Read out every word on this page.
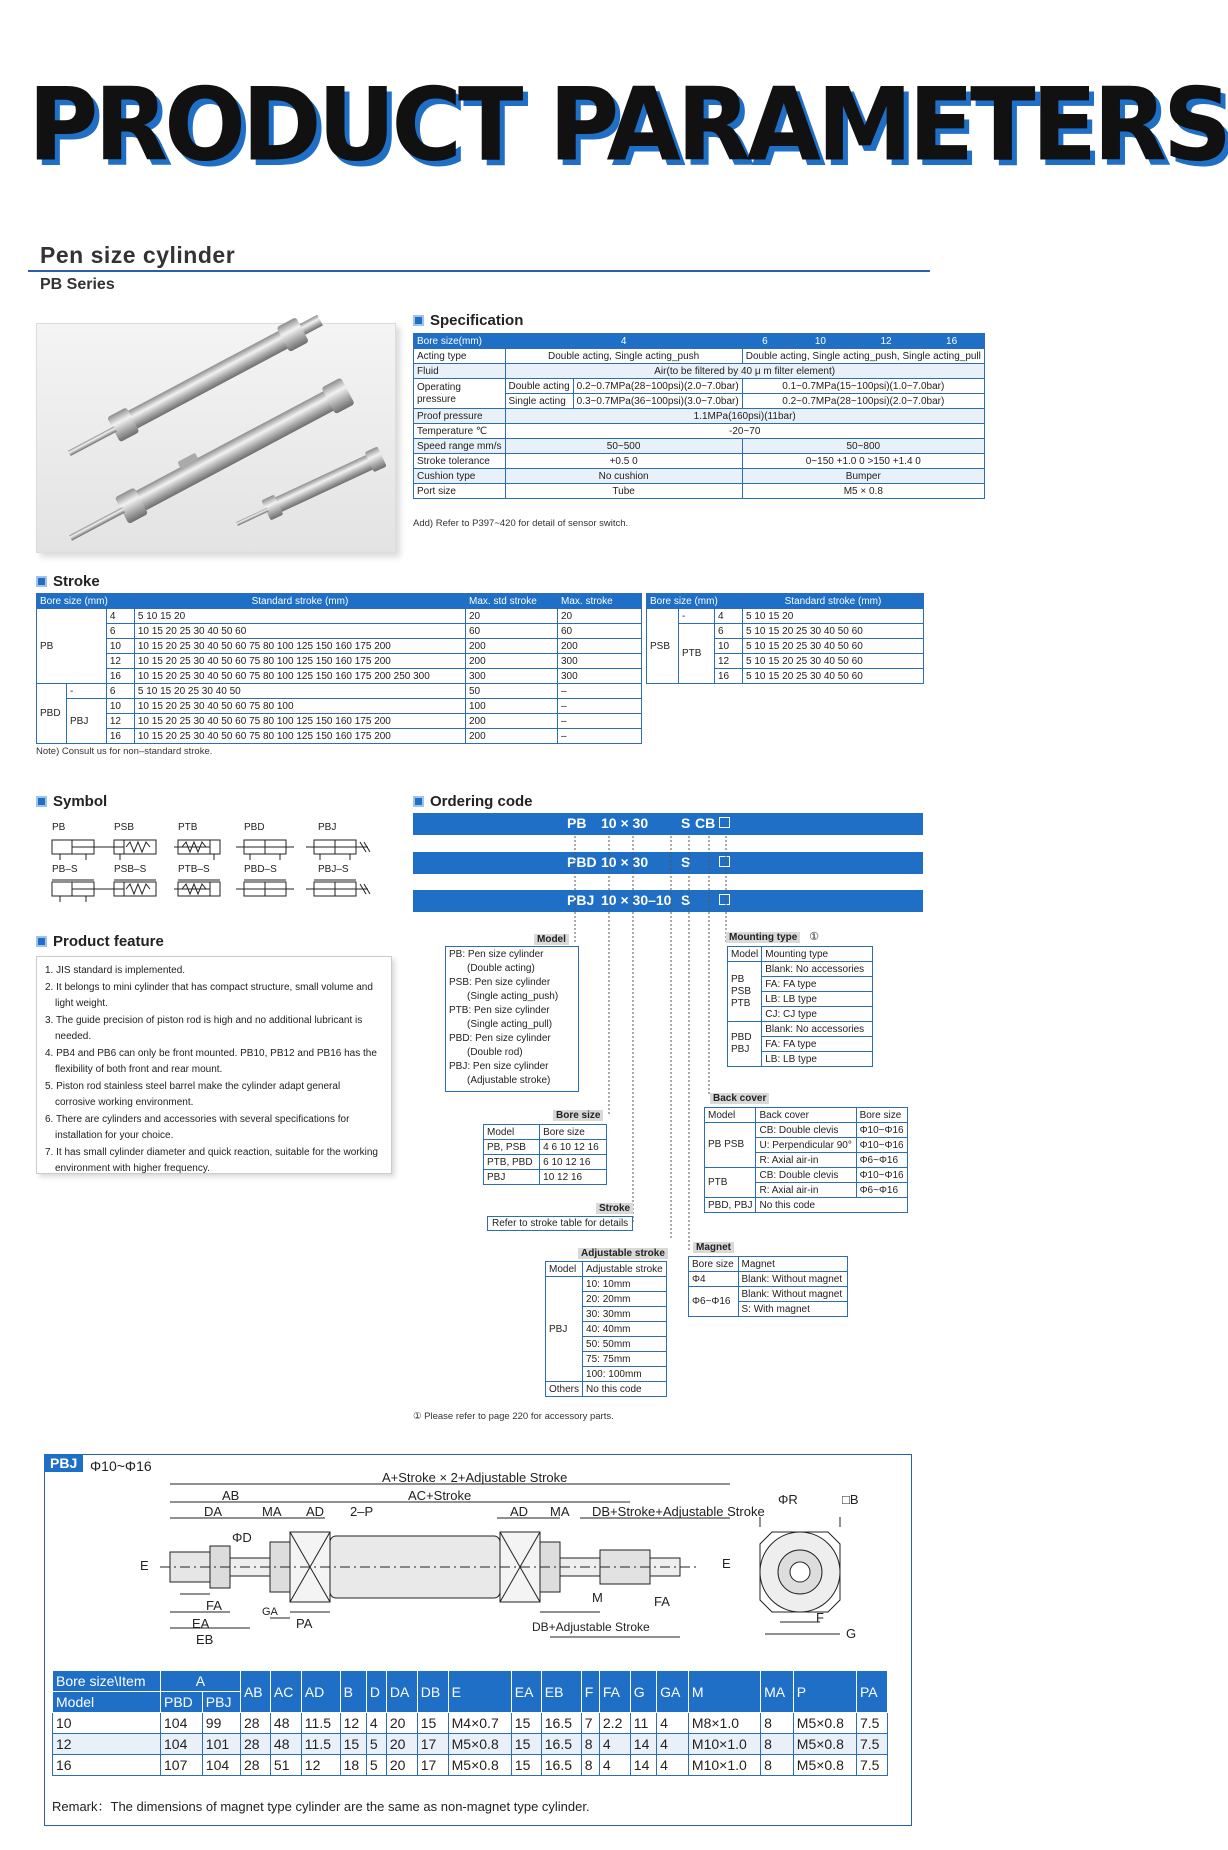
PRODUCT PARAMETERS
Pen size cylinder
PB Series
Specification
Bore size(mm)	4		6	10	12	16
Acting type	Double acting, Single acting_push		Double acting, Single acting_push, Single acting_pull			
Fluid	Air(to be filtered by 40 μ m filter element)					
Operating pressure	Double acting	0.2~0.7MPa(28~100psi)(2.0~7.0bar)	0.1~0.7MPa(15~100psi)(1.0~7.0bar)			
	Single acting	0.3~0.7MPa(36~100psi)(3.0~7.0bar)	0.2~0.7MPa(28~100psi)(2.0~7.0bar)			
Proof pressure	1.1MPa(160psi)(11bar)					
Temperature ℃	-20~70					
Speed range mm/s	50~500		50~800			
Stroke tolerance	+0.5 0		0~150 +1.0 0 >150 +1.4 0			
Cushion type	No cushion		Bumper			
Port size	Tube		M5 × 0.8			
Add) Refer to P397~420 for detail of sensor switch.
Stroke
Bore size (mm)			Standard stroke (mm)	Max. std stroke	Max. stroke
PB		4	5 10 15 20	20	20
		6	10 15 20 25 30 40 50 60	60	60
		10	10 15 20 25 30 40 50 60 75 80 100 125 150 160 175 200	200	200
		12	10 15 20 25 30 40 50 60 75 80 100 125 150 160 175 200	200	300
		16	10 15 20 25 30 40 50 60 75 80 100 125 150 160 175 200 250 300	300	300
PBD	-	6	5 10 15 20 25 30 40 50	50	–
	PBJ	10	10 15 20 25 30 40 50 60 75 80 100	100	–
		12	10 15 20 25 30 40 50 60 75 80 100 125 150 160 175 200	200	–
		16	10 15 20 25 30 40 50 60 75 80 100 125 150 160 175 200	200	–
Bore size (mm)			Standard stroke (mm)
PSB	-	4	5 10 15 20
	PTB	6	5 10 15 20 25 30 40 50 60
		10	5 10 15 20 25 30 40 50 60
		12	5 10 15 20 25 30 40 50 60
		16	5 10 15 20 25 30 40 50 60
Note) Consult us for non–standard stroke.
Symbol
PB	PSB	PTB	PBD	PBJ
PB–S	PSB–S	PTB–S	PBD–S	PBJ–S
Product feature
1. JIS standard is implemented.
2. It belongs to mini cylinder that has compact structure, small volume and
light weight.
3. The guide precision of piston rod is high and no additional lubricant is
needed.
4. PB4 and PB6 can only be front mounted. PB10, PB12 and PB16 has the
flexibility of both front and rear mount.
5. Piston rod stainless steel barrel make the cylinder adapt general
corrosive working environment.
6. There are cylinders and accessories with several specifications for
installation for your choice.
7. It has small cylinder diameter and quick reaction, suitable for the working
environment with higher frequency.
Ordering code
PB 10 × 30 S CB
PBD 10 × 30 S
PBJ 10 × 30–10 S
Model
PB: Pen size cylinder
(Double acting)
PSB: Pen size cylinder
(Single acting_push)
PTB: Pen size cylinder
(Single acting_pull)
PBD: Pen size cylinder
(Double rod)
PBJ: Pen size cylinder
(Adjustable stroke)
Bore size
Model	Bore size
PB, PSB	4 6 10 12 16
PTB, PBD	6 10 12 16
PBJ	10 12 16
Stroke
Refer to stroke table for details
Adjustable stroke
Model	Adjustable stroke
PBJ	10: 10mm
	20: 20mm
	30: 30mm
	40: 40mm
	50: 50mm
	75: 75mm
	100: 100mm
Others	No this code
Magnet
Bore size	Magnet
Φ4	Blank: Without magnet
Φ6~Φ16	Blank: Without magnet
	S: With magnet
Mounting type ①
Model	Mounting type
PB PSB PTB	Blank: No accessories
	FA: FA type
	LB: LB type
	CJ: CJ type
PBD PBJ	Blank: No accessories
	FA: FA type
	LB: LB type
Back cover
Model	Back cover	Bore size
PB PSB	CB: Double clevis	Φ10~Φ16
	U: Perpendicular 90°	Φ10~Φ16
	R: Axial air-in	Φ6~Φ16
PTB	CB: Double clevis	Φ10~Φ16
	R: Axial air-in	Φ6~Φ16
PBD, PBJ	No this code	
① Please refer to page 220 for accessory parts.
PBJ Φ10~Φ16
A+Stroke × 2+Adjustable Stroke
AB	AC+Stroke
DA	MA AD 2–P	AD MA DB+Stroke+Adjustable Stroke
ΦD
E
FA
EA
EB
GA
PA
M	FA
DB+Adjustable Stroke
E
ΦR	□B
F
G
Bore size\Item	A		AB	AC	AD	B	D	DA	DB	E	EA	EB	F	FA	G	GA	M	MA	P	PA
Model	PBD	PBJ																		
10	104	99	28	48	11.5	12	4	20	15	M4×0.7	15	16.5	7	2.2	11	4	M8×1.0	8	M5×0.8	7.5
12	104	101	28	48	11.5	15	5	20	17	M5×0.8	15	16.5	8	4	14	4	M10×1.0	8	M5×0.8	7.5
16	107	104	28	51	12	18	5	20	17	M5×0.8	15	16.5	8	4	14	4	M10×1.0	8	M5×0.8	7.5
Remark：The dimensions of magnet type cylinder are the same as non-magnet type cylinder.
